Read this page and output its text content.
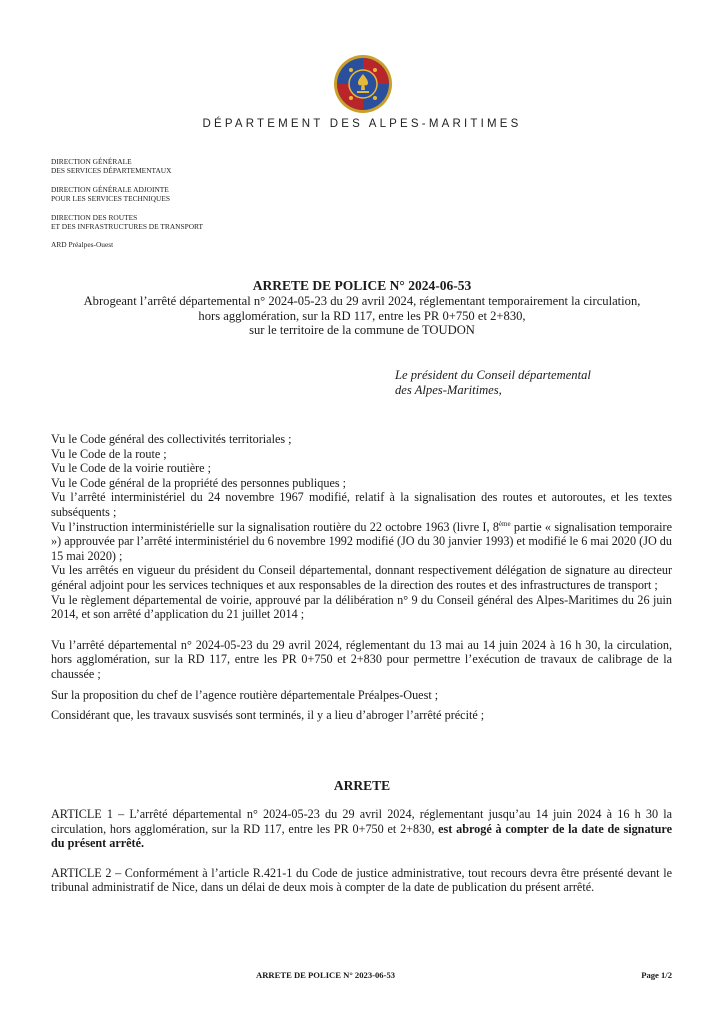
DÉPARTEMENT DES ALPES-MARITIMES
DIRECTION GÉNÉRALE
DES SERVICES DÉPARTEMENTAUX
DIRECTION GÉNÉRALE ADJOINTE
POUR LES SERVICES TECHNIQUES
DIRECTION DES ROUTES
ET DES INFRASTRUCTURES DE TRANSPORT
ARD Préalpes-Ouest
ARRETE DE POLICE N° 2024-06-53
Abrogeant l’arrêté départemental n° 2024-05-23 du 29 avril 2024, réglementant temporairement la circulation,
hors agglomération, sur la RD 117, entre les PR 0+750 et 2+830,
sur le territoire de la commune de TOUDON
Le président du Conseil départemental
des Alpes-Maritimes,

Vu le Code général des collectivités territoriales ;

Vu le Code de la route ;

Vu le Code de la voirie routière ;

Vu le Code général de la propriété des personnes publiques ;

Vu l’arrêté interministériel du 24 novembre 1967 modifié, relatif à la signalisation des routes et autoroutes, et les textes subséquents ;

Vu l’instruction interministérielle sur la signalisation routière du 22 octobre 1963 (livre I, 8ème partie « signalisation temporaire ») approuvée par l’arrêté interministériel du 6 novembre 1992 modifié (JO du 30 janvier 1993) et modifié le 6 mai 2020 (JO du 15 mai 2020) ;

Vu les arrêtés en vigueur du président du Conseil départemental, donnant respectivement délégation de signature au directeur général adjoint pour les services techniques et aux responsables de la direction des routes et des infrastructures de transport ;

Vu le règlement départemental de voirie, approuvé par la délibération n° 9 du Conseil général des Alpes-Maritimes du 26 juin 2014, et son arrêté d’application du 21 juillet 2014 ;

Vu l’arrêté départemental n° 2024-05-23 du 29 avril 2024, réglementant du 13 mai au 14 juin 2024 à 16 h 30, la circulation, hors agglomération, sur la RD 117, entre les PR 0+750 et 2+830 pour permettre l’exécution de travaux de calibrage de la chaussée ;

Sur la proposition du chef de l’agence routière départementale Préalpes-Ouest ;

Considérant que, les travaux susvisés sont terminés, il y a lieu d’abroger l’arrêté précité ;

ARRETE

ARTICLE 1 – L’arrêté départemental n° 2024-05-23 du 29 avril 2024, réglementant jusqu’au 14 juin 2024 à 16 h 30 la circulation, hors agglomération, sur la RD 117, entre les PR 0+750 et 2+830, est abrogé à compter de la date de signature du présent arrêté.

ARTICLE 2 – Conformément à l’article R.421-1 du Code de justice administrative, tout recours devra être présenté devant le tribunal administratif de Nice, dans un délai de deux mois à compter de la date de publication du présent arrêté.

ARRETE DE POLICE N° 2023-06-53	Page 1/2
